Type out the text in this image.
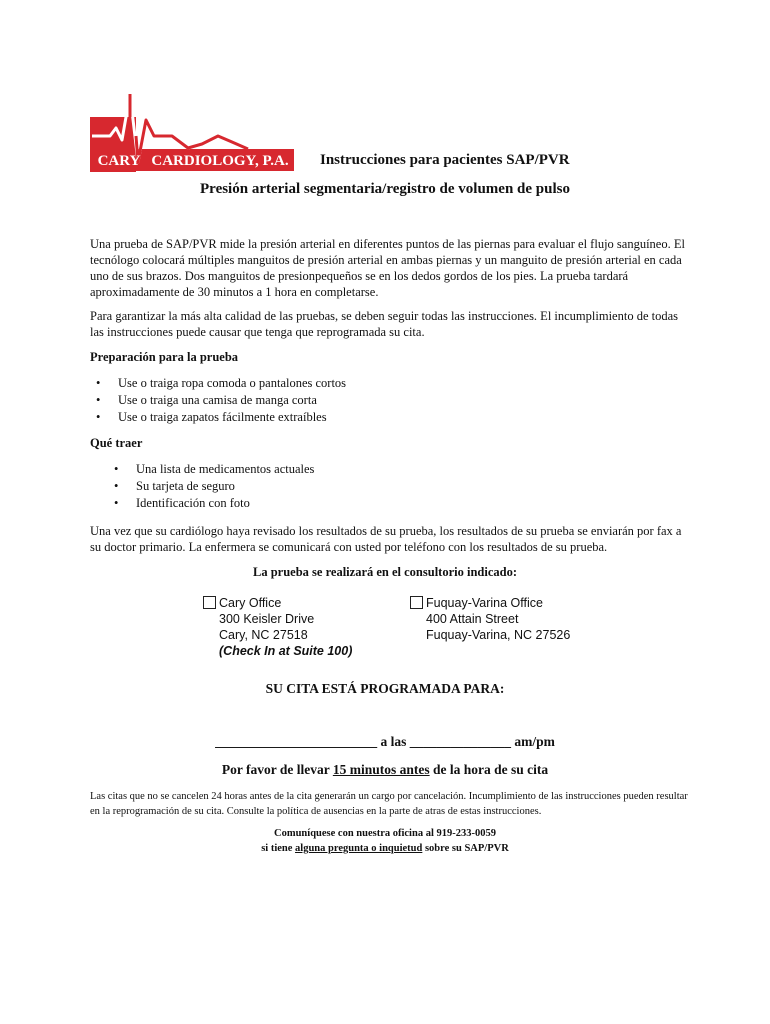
CARY CARDIOLOGY, P.A. Instrucciones para pacientes SAP/PVR
Presión arterial segmentaria/registro de volumen de pulso
Una prueba de SAP/PVR mide la presión arterial en diferentes puntos de las piernas para evaluar el flujo sanguíneo. El tecnólogo colocará múltiples manguitos de presión arterial en ambas piernas y un manguito de presión arterial en cada uno de sus brazos. Dos manguitos de presionpequeños se en los dedos gordos de los pies. La prueba tardará aproximadamente de 30 minutos a 1 hora en completarse.
Para garantizar la más alta calidad de las pruebas, se deben seguir todas las instrucciones. El incumplimiento de todas las instrucciones puede causar que tenga que reprogramada su cita.
Preparación para la prueba
• Use o traiga ropa comoda o pantalones cortos
• Use o traiga una camisa de manga corta
• Use o traiga zapatos fácilmente extraíbles
Qué traer
• Una lista de medicamentos actuales
• Su tarjeta de seguro
• Identificación con foto
Una vez que su cardiólogo haya revisado los resultados de su prueba, los resultados de su prueba se enviarán por fax a su doctor primario. La enfermera se comunicará con usted por teléfono con los resultados de su prueba.
La prueba se realizará en el consultorio indicado:
Cary Office
300 Keisler Drive
Cary, NC 27518
(Check In at Suite 100)
Fuquay-Varina Office
400 Attain Street
Fuquay-Varina, NC 27526
SU CITA ESTÁ PROGRAMADA PARA:
________________________ a las _______________ am/pm
Por favor de llevar 15 minutos antes de la hora de su cita
Las citas que no se cancelen 24 horas antes de la cita generarán un cargo por cancelación. Incumplimiento de las instrucciones pueden resultar en la reprogramación de su cita. Consulte la política de ausencias en la parte de atras de estas instrucciones.
Comuníquese con nuestra oficina al 919-233-0059
si tiene alguna pregunta o inquietud sobre su SAP/PVR
